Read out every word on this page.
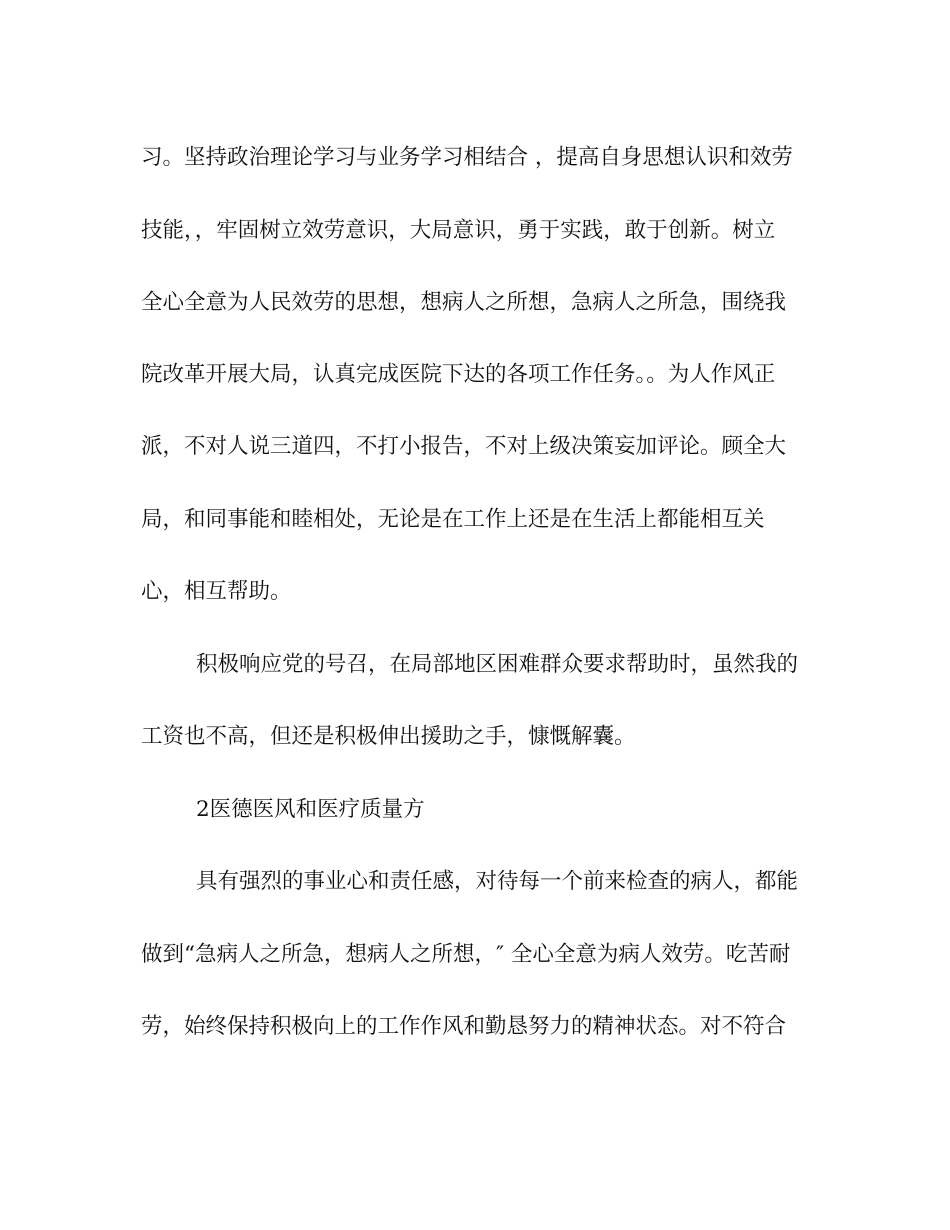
习。坚持政治理论学习与业务学习相结合 ，提高自身思想认识和效劳

技能，，牢固树立效劳意识，大局意识，勇于实践，敢于创新。树立

全心全意为人民效劳的思想，想病人之所想，急病人之所急，围绕我

院改革开展大局，认真完成医院下达的各项工作任务。。为人作风正

派，不对人说三道四，不打小报告，不对上级决策妄加评论。顾全大

局，和同事能和睦相处，无论是在工作上还是在生活上都能相互关

心，相互帮助。

积极响应党的号召，在局部地区困难群众要求帮助时，虽然我的

工资也不高，但还是积极伸出援助之手，慷慨解囊。

2医德医风和医疗质量方

具有强烈的事业心和责任感，对待每一个前来检查的病人，都能

做到“急病人之所急，想病人之所想，″ 全心全意为病人效劳。吃苦耐

劳，始终保持积极向上的工作作风和勤恳努力的精神状态。对不符合
